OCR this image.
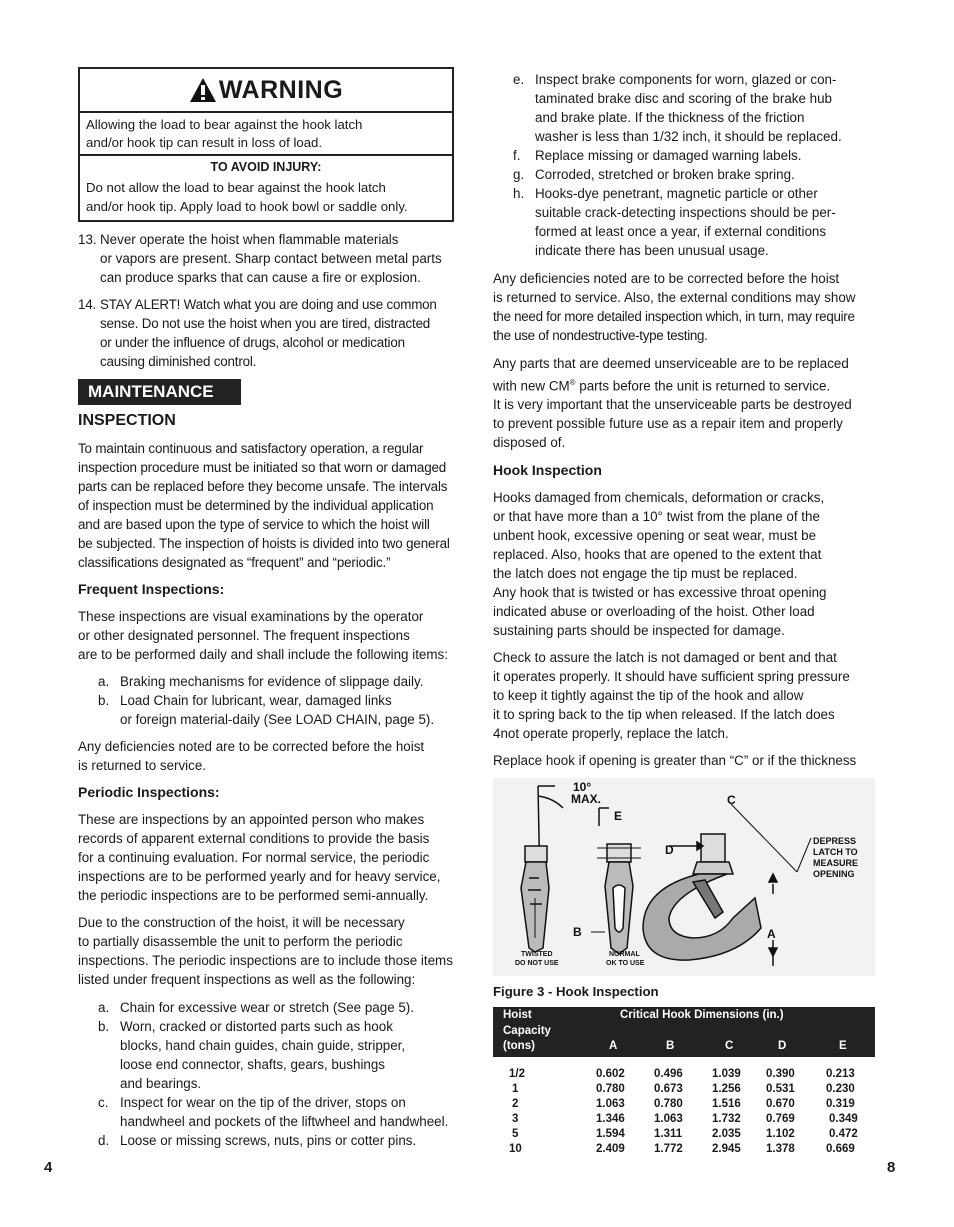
WARNING
Allowing the load to bear against the hook latch
and/or hook tip can result in loss of load.
TO AVOID INJURY:
Do not allow the load to bear against the hook latch
and/or hook tip. Apply load to hook bowl or saddle only.
13. Never operate the hoist when flammable materials
or vapors are present. Sharp contact between metal parts
can produce sparks that can cause a fire or explosion.
14. STAY ALERT! Watch what you are doing and use common
sense. Do not use the hoist when you are tired, distracted
or under the influence of drugs, alcohol or medication
causing diminished control.
MAINTENANCE
INSPECTION
To maintain continuous and satisfactory operation, a regular
inspection procedure must be initiated so that worn or damaged
parts can be replaced before they become unsafe. The intervals
of inspection must be determined by the individual application
and are based upon the type of service to which the hoist will
be subjected. The inspection of hoists is divided into two general
classifications designated as “frequent” and “periodic.”
Frequent Inspections:
These inspections are visual examinations by the operator
or other designated personnel. The frequent inspections
are to be performed daily and shall include the following items:
a. Braking mechanisms for evidence of slippage daily.
b. Load Chain for lubricant, wear, damaged links
or foreign material-daily (See LOAD CHAIN, page 5).
Any deficiencies noted are to be corrected before the hoist
is returned to service.
Periodic Inspections:
These are inspections by an appointed person who makes
records of apparent external conditions to provide the basis
for a continuing evaluation. For normal service, the periodic
inspections are to be performed yearly and for heavy service,
the periodic inspections are to be performed semi-annually.
Due to the construction of the hoist, it will be necessary
to partially disassemble the unit to perform the periodic
inspections. The periodic inspections are to include those items
listed under frequent inspections as well as the following:
a. Chain for excessive wear or stretch (See page 5).
b. Worn, cracked or distorted parts such as hook
blocks, hand chain guides, chain guide, stripper,
loose end connector, shafts, gears, bushings
and bearings.
c. Inspect for wear on the tip of the driver, stops on
handwheel and pockets of the liftwheel and handwheel.
d. Loose or missing screws, nuts, pins or cotter pins.
e. Inspect brake components for worn, glazed or con-
taminated brake disc and scoring of the brake hub
and brake plate. If the thickness of the friction
washer is less than 1/32 inch, it should be replaced.
f.	Replace missing or damaged warning labels.
g. Corroded, stretched or broken brake spring.
h. Hooks-dye penetrant, magnetic particle or other
suitable crack-detecting inspections should be per-
formed at least once a year, if external conditions
indicate there has been unusual usage.
Any deficiencies noted are to be corrected before the hoist
is returned to service. Also, the external conditions may show
the need for more detailed inspection which, in turn, may require
the use of nondestructive-type testing.
Any parts that are deemed unserviceable are to be replaced
with new CM® parts before the unit is returned to service.
It is very important that the unserviceable parts be destroyed
to prevent possible future use as a repair item and properly
disposed of.
Hook Inspection
Hooks damaged from chemicals, deformation or cracks,
or that have more than a 10° twist from the plane of the
unbent hook, excessive opening or seat wear, must be
replaced. Also, hooks that are opened to the extent that
the latch does not engage the tip must be replaced.
Any hook that is twisted or has excessive throat opening
indicated abuse or overloading of the hoist. Other load
sustaining parts should be inspected for damage.
Check to assure the latch is not damaged or bent and that
it operates properly. It should have sufficient spring pressure
to keep it tightly against the tip of the hook and allow
it to spring back to the tip when released. If the latch does
4not operate properly, replace the latch.
Replace hook if opening is greater than “C” or if the thickness
10°
MAX.
E
B
C
D
A
DEPRESS
LATCH TO
MEASURE
OPENING
TWISTED
DO NOT USE
NORMAL
OK TO USE
Figure 3 - Hook Inspection
Hoist
Capacity
(tons)
Critical Hook Dimensions (in.)
A	B	C	D	E
1/2	0.602	0.496	1.039 0.390	0.213
1	0.780	0.673	1.256 0.531	0.230
2	1.063	0.780	1.516 0.670	0.319
3	1.346	1.063	1.732 0.769	0.349
5	1.594	1.311	2.035 1.102	0.472
10	2.409	1.772	2.945 1.378	0.669
4	8
